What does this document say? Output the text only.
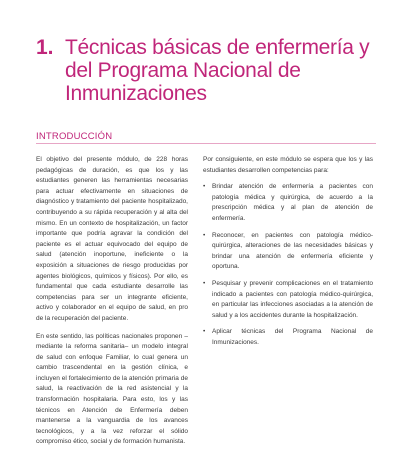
1. Técnicas básicas de enfermería y del Programa Nacional de Inmunizaciones
INTRODUCCIÓN

El objetivo del presente módulo, de 228 horas pedagógicas de duración, es que los y las estudiantes generen las herramientas necesarias para actuar efectivamente en situaciones de diagnóstico y tratamiento del paciente hospitalizado, contribuyendo a su rápida recuperación y al alta del mismo. En un contexto de hospitalización, un factor importante que podría agravar la condición del paciente es el actuar equivocado del equipo de salud (atención inoportune, ineficiente o la exposición a situaciones de riesgo producidas por agentes biológicos, químicos y físicos). Por ello, es fundamental que cada estudiante desarrolle las competencias para ser un integrante eficiente, activo y colaborador en el equipo de salud, en pro de la recuperación del paciente.

En este sentido, las políticas nacionales proponen –mediante la reforma sanitaria– un modelo integral de salud con enfoque Familiar, lo cual genera un cambio trascendental en la gestión clínica, e incluyen el fortalecimiento de la atención primaria de salud, la reactivación de la red asistencial y la transformación hospitalaria. Para esto, los y las técnicos en Atención de Enfermería deben mantenerse a la vanguardia de los avances tecnológicos, y a la vez reforzar el sólido compromiso ético, social y de formación humanista.

Por consiguiente, en este módulo se espera que los y las estudiantes desarrollen competencias para:

• Brindar atención de enfermería a pacientes con patología médica y quirúrgica, de acuerdo a la prescripción médica y al plan de atención de enfermería.
• Reconocer, en pacientes con patología médico-quirúrgica, alteraciones de las necesidades básicas y brindar una atención de enfermería eficiente y oportuna.
• Pesquisar y prevenir complicaciones en el tratamiento indicado a pacientes con patología médico-quirúrgica, en particular las infecciones asociadas a la atención de salud y a los accidentes durante la hospitalización.
• Aplicar técnicas del Programa Nacional de Inmunizaciones.
